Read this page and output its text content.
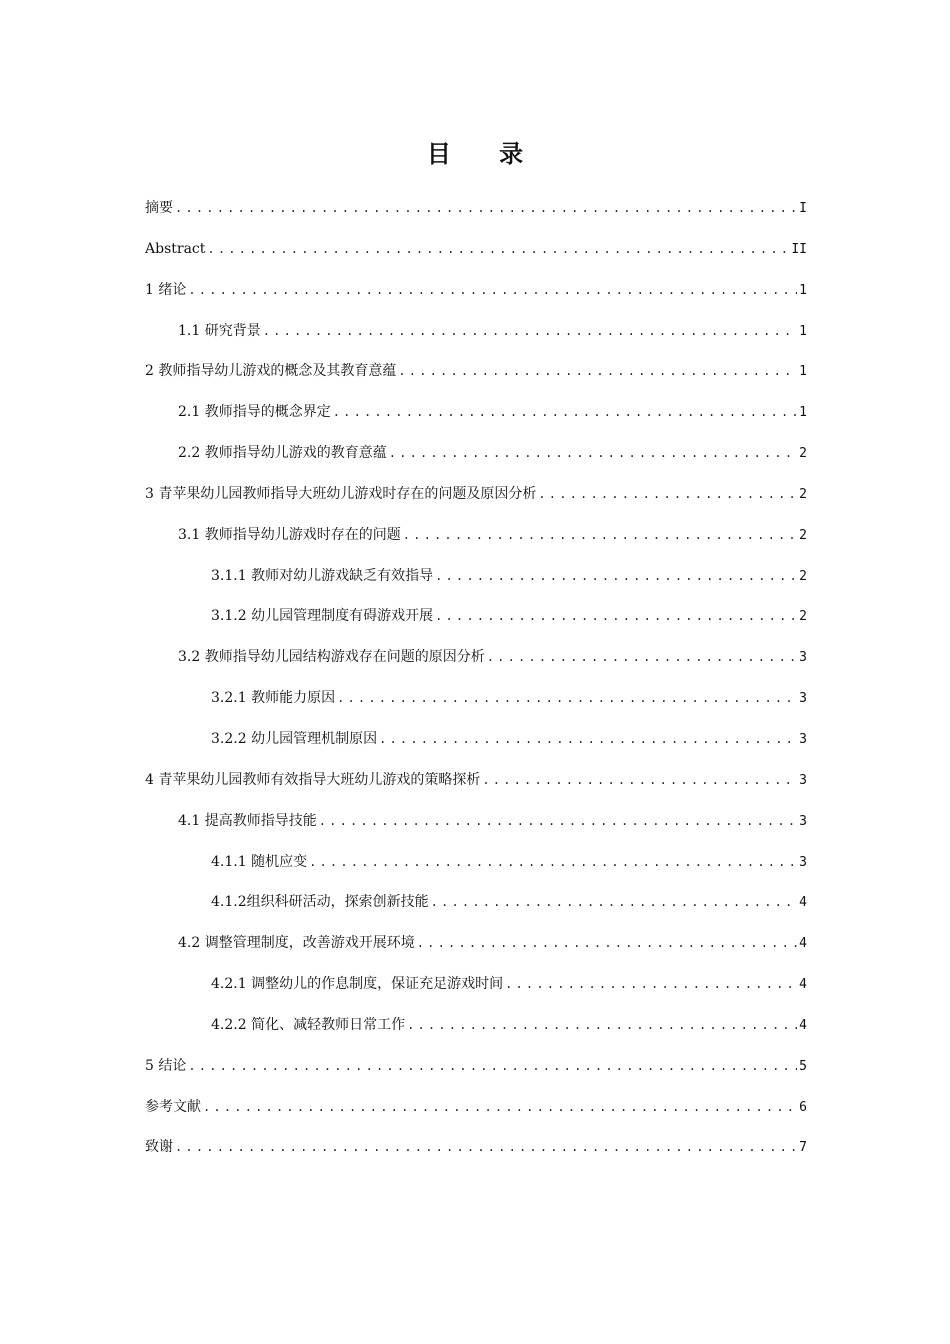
目 录
摘要 .....	I
Abstract .....	II
1 绪论 .....	1
1.1 研究背景 .....	1
2 教师指导幼儿游戏的概念及其教育意蕴 .....	1
2.1 教师指导的概念界定 .....	1
2.2 教师指导幼儿游戏的教育意蕴 .....	2
3 青苹果幼儿园教师指导大班幼儿游戏时存在的问题及原因分析 .....	2
3.1 教师指导幼儿游戏时存在的问题 .....	2
3.1.1 教师对幼儿游戏缺乏有效指导 .....	2
3.1.2 幼儿园管理制度有碍游戏开展 .....	2
3.2 教师指导幼儿园结构游戏存在问题的原因分析 .....	3
3.2.1 教师能力原因 .....	3
3.2.2 幼儿园管理机制原因 .....	3
4 青苹果幼儿园教师有效指导大班幼儿游戏的策略探析 .....	3
4.1 提高教师指导技能 .....	3
4.1.1 随机应变 .....	3
4.1.2组织科研活动，探索创新技能 .....	4
4.2 调整管理制度，改善游戏开展环境 .....	4
4.2.1 调整幼儿的作息制度，保证充足游戏时间 .....	4
4.2.2 简化、减轻教师日常工作 .....	4
5 结论 .....	5
参考文献 .....	6
致谢 .....	7
